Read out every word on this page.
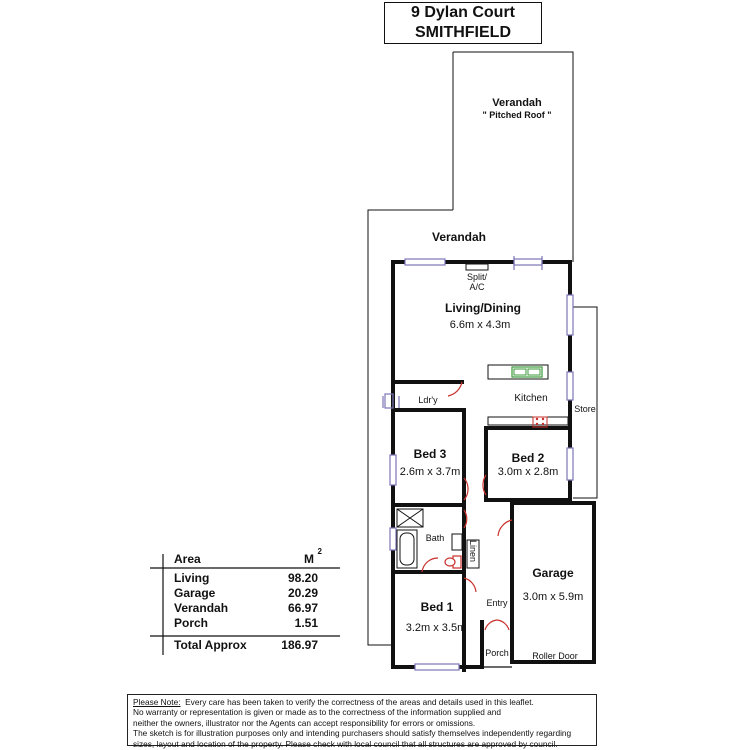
9 Dylan Court
SMITHFIELD
Verandah
" Pitched Roof "
Verandah
Split/
A/C
Living/Dining
6.6m x 4.3m
Ldr'y	Kitchen
Store
Bed 3
2.6m x 3.7m
Bed 2
3.0m x 2.8m
Bath
Linen
Garage
3.0m x 5.9m
Bed 1
3.2m x 3.5m
Entry
Porch	Roller Door
Area	M
2
Living	98.20
Garage	20.29
Verandah	66.97
Porch	1.51
Total Approx	186.97
Please Note: Every care has been taken to verify the correctness of the areas and details used in this leaflet.
No warranty or representation is given or made as to the correctness of the information supplied and
neither the owners, illustrator nor the Agents can accept responsibility for errors or omissions.
The sketch is for illustration purposes only and intending purchasers should satisfy themselves independently regarding
sizes, layout and location of the property. Please check with local council that all structures are approved by council.
